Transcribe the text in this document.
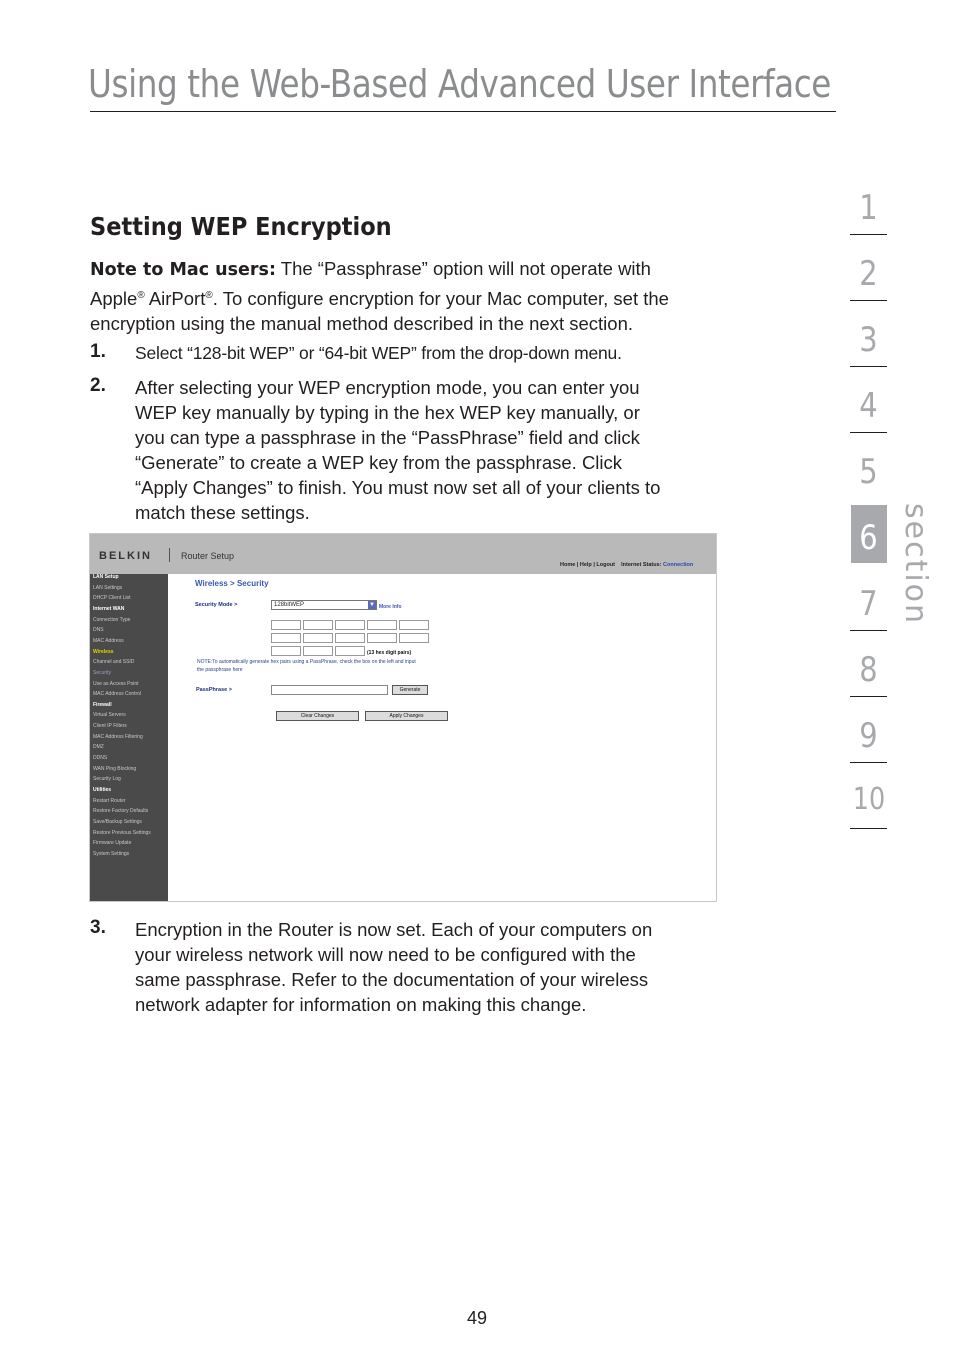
Using the Web-Based Advanced User Interface
Setting WEP Encryption
Note to Mac users: The “Passphrase” option will not operate with
Apple® AirPort®. To configure encryption for your Mac computer, set the
encryption using the manual method described in the next section.
1. Select “128-bit WEP” or “64-bit WEP” from the drop-down menu.
2. After selecting your WEP encryption mode, you can enter you
WEP key manually by typing in the hex WEP key manually, or
you can type a passphrase in the “PassPhrase” field and click
“Generate” to create a WEP key from the passphrase. Click
“Apply Changes” to finish. You must now set all of your clients to
match these settings.
BELKIN	Router Setup
Home | Help | Logout Internet Status: Connection
LAN Setup
LAN Settings
DHCP Client List
Internet WAN
Connection Type
DNS
MAC Address
Wireless
Channel and SSID
Security
Use as Access Point
MAC Address Control
Firewall
Virtual Servers
Client IP Filters
MAC Address Filtering
DMZ
DDNS
WAN Ping Blocking
Security Log
Utilities
Restart Router
Restore Factory Defaults
Save/Backup Settings
Restore Previous Settings
Firmware Update
System Settings
Wireless > Security
Security Mode >	128bitWEP	▼ More Info
(13 hex digit pairs)
NOTE:To automatically generate hex pairs using a PassPhrase, check the box on the left and input
the passphrase here
PassPhrase >	Generate
Clear Changes	Apply Changes
3. Encryption in the Router is now set. Each of your computers on
your wireless network will now need to be configured with the
same passphrase. Refer to the documentation of your wireless
network adapter for information on making this change.
1
2
3
4
5
6
7
8
9
10
section
49
